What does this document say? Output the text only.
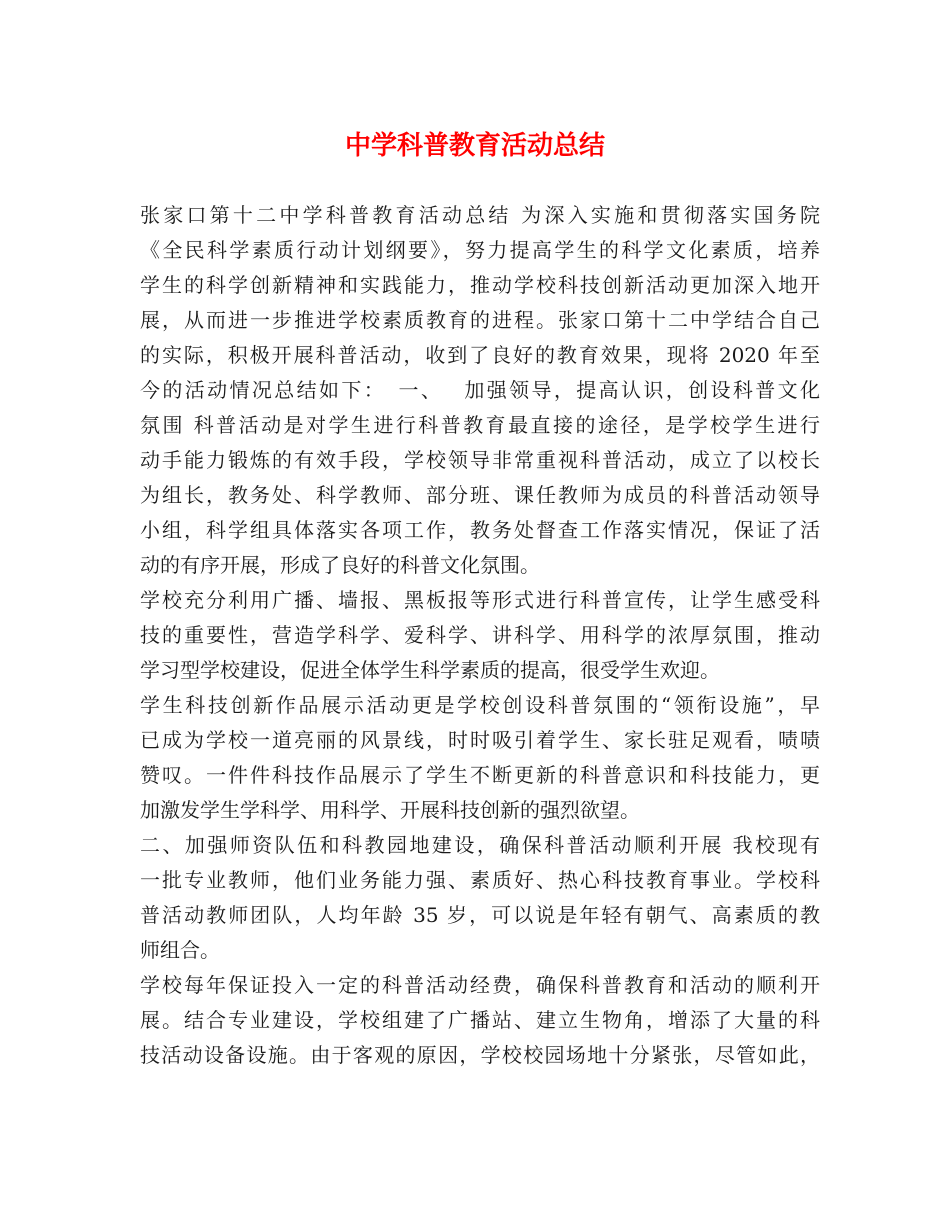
中学科普教育活动总结
张家口第十二中学科普教育活动总结 为深入实施和贯彻落实国务院
《全民科学素质行动计划纲要》，努力提高学生的科学文化素质，培养
学生的科学创新精神和实践能力，推动学校科技创新活动更加深入地开
展，从而进一步推进学校素质教育的进程。张家口第十二中学结合自己
的实际，积极开展科普活动，收到了良好的教育效果，现将 2020 年至
今的活动情况总结如下：　一、　 加强领导，提高认识，创设科普文化
氛围 科普活动是对学生进行科普教育最直接的途径，是学校学生进行
动手能力锻炼的有效手段，学校领导非常重视科普活动，成立了以校长
为组长，教务处、科学教师、部分班、课任教师为成员的科普活动领导
小组，科学组具体落实各项工作，教务处督查工作落实情况，保证了活
动的有序开展，形成了良好的科普文化氛围。
学校充分利用广播、墙报、黑板报等形式进行科普宣传，让学生感受科
技的重要性，营造学科学、爱科学、讲科学、用科学的浓厚氛围，推动
学习型学校建设，促进全体学生科学素质的提高，很受学生欢迎。
学生科技创新作品展示活动更是学校创设科普氛围的“领衔设施”，早
已成为学校一道亮丽的风景线，时时吸引着学生、家长驻足观看，啧啧
赞叹。一件件科技作品展示了学生不断更新的科普意识和科技能力，更
加激发学生学科学、用科学、开展科技创新的强烈欲望。
二、加强师资队伍和科教园地建设，确保科普活动顺利开展 我校现有
一批专业教师，他们业务能力强、素质好、热心科技教育事业。学校科
普活动教师团队，人均年龄 35 岁，可以说是年轻有朝气、高素质的教
师组合。
学校每年保证投入一定的科普活动经费，确保科普教育和活动的顺利开
展。结合专业建设，学校组建了广播站、建立生物角，增添了大量的科
技活动设备设施。由于客观的原因，学校校园场地十分紧张，尽管如此，
